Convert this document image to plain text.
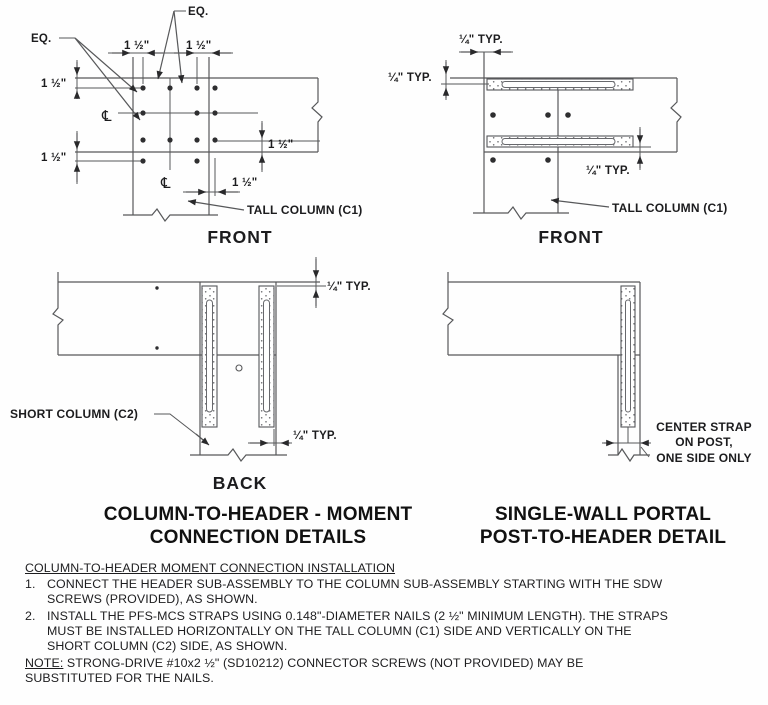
1 ½"	1 ½"
1 ½"
1 ½"
1 ½"
1 ½"
EQ.
EQ.
℄
℄
TALL COLUMN (C1)
FRONT
¼" TYP.
¼" TYP.
¼" TYP.
TALL COLUMN (C1)
FRONT
¼" TYP.
¼" TYP.
SHORT COLUMN (C2)
BACK
CENTER STRAP
ON POST,
ONE SIDE ONLY
COLUMN-TO-HEADER - MOMENT
CONNECTION DETAILS
SINGLE-WALL PORTAL
POST-TO-HEADER DETAIL
COLUMN-TO-HEADER MOMENT CONNECTION INSTALLATION
1. CONNECT THE HEADER SUB-ASSEMBLY TO THE COLUMN SUB-ASSEMBLY STARTING WITH THE SDW
SCREWS (PROVIDED), AS SHOWN.
2. INSTALL THE PFS-MCS STRAPS USING 0.148"-DIAMETER NAILS (2 ½" MINIMUM LENGTH). THE STRAPS
MUST BE INSTALLED HORIZONTALLY ON THE TALL COLUMN (C1) SIDE AND VERTICALLY ON THE
SHORT COLUMN (C2) SIDE, AS SHOWN.
NOTE: STRONG-DRIVE #10x2 ½" (SD10212) CONNECTOR SCREWS (NOT PROVIDED) MAY BE
SUBSTITUTED FOR THE NAILS.
